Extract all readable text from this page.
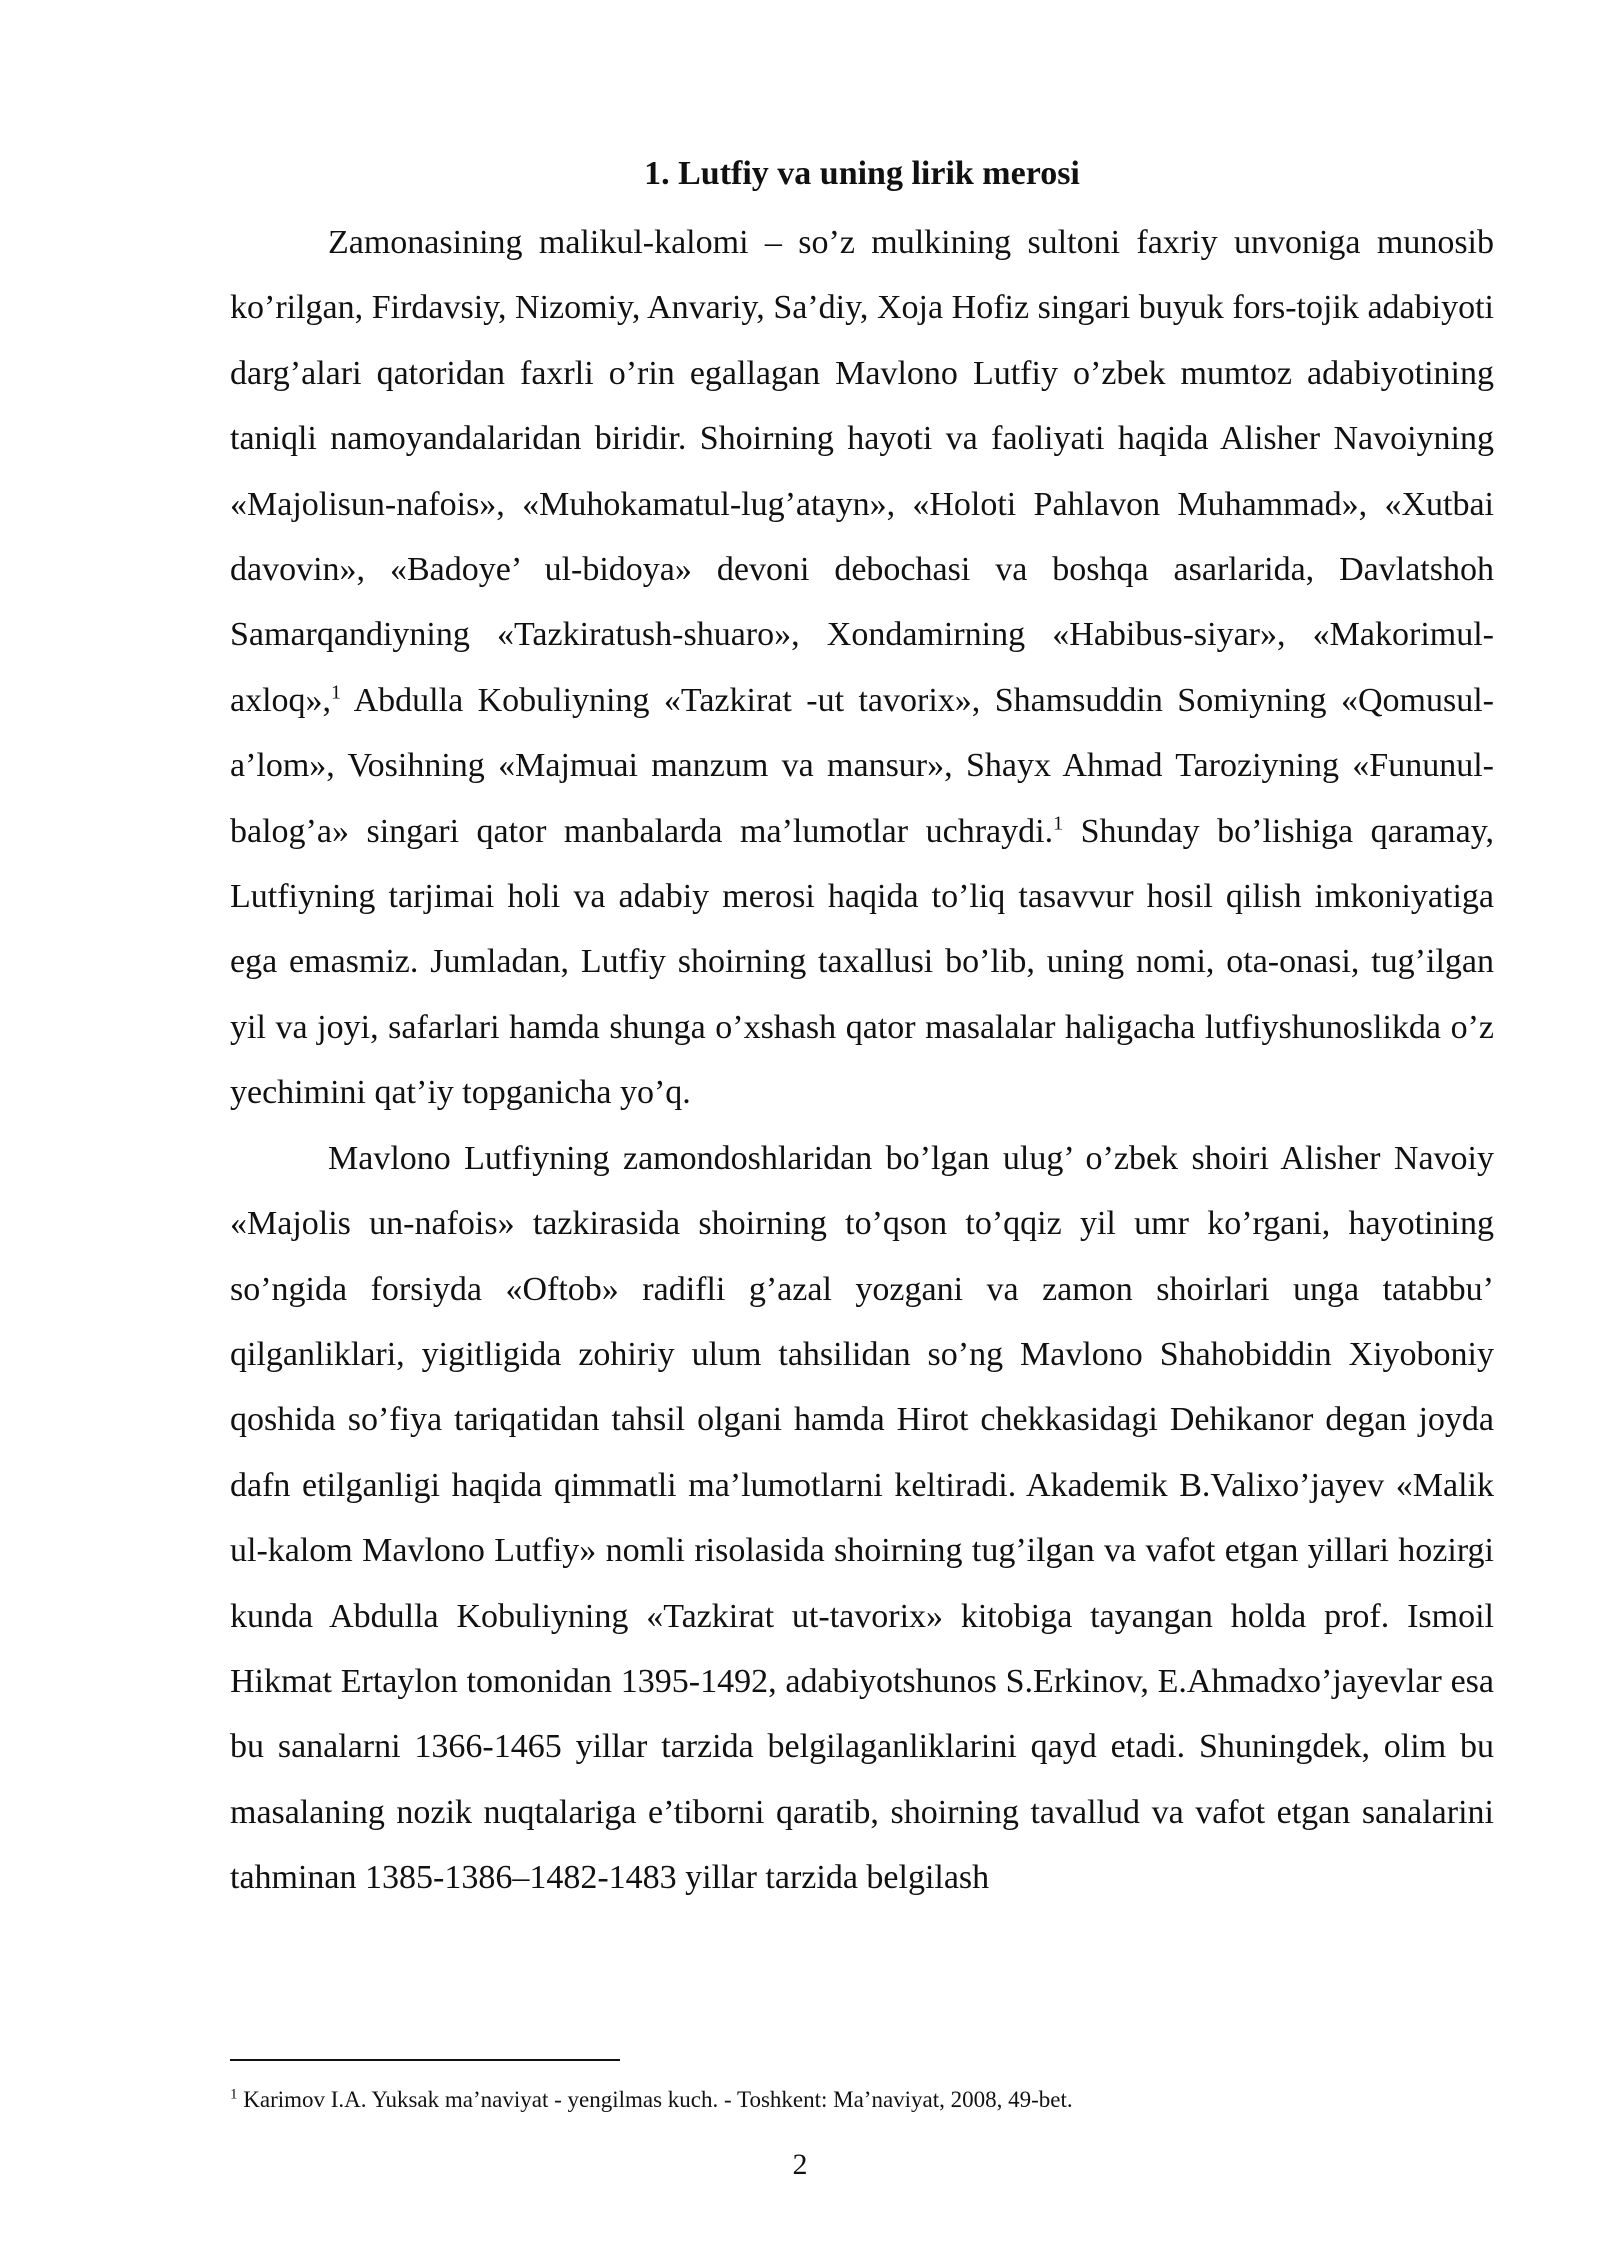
1. Lutfiy va uning lirik merosi

Zamonasining malikul-kalomi – so’z mulkining sultoni faxriy unvoniga munosib ko’rilgan, Firdavsiy, Nizomiy, Anvariy, Sa’diy, Xoja Hofiz singari buyuk fors-tojik adabiyoti darg’alari qatoridan faxrli o’rin egallagan Mavlono Lutfiy o’zbek mumtoz adabiyotining taniqli namoyandalaridan biridir. Shoirning hayoti va faoliyati haqida Alisher Navoiyning «Majolisun-nafois», «Muhokamatul-lug’atayn», «Holoti Pahlavon Muhammad», «Xutbai davovin», «Badoye’ ul-bidoya» devoni debochasi va boshqa asarlarida, Davlatshoh Samarqandiyning «Tazkiratush-shuaro», Xondamirning «Habibus-siyar», «Makorimul- axloq»,$^1$ Abdulla Kobuliyning «Tazkirat -ut tavorix», Shamsuddin Somiyning «Qomusul-a’lom», Vosihning «Majmuai manzum va mansur», Shayx Ahmad Taroziyning «Fununul- balog’a» singari qator manbalarda ma’lumotlar uchraydi.$^1$ Shunday bo’lishiga qaramay, Lutfiyning tarjimai holi va adabiy merosi haqida to’liq tasavvur hosil qilish imkoniyatiga ega emasmiz. Jumladan, Lutfiy shoirning taxallusi bo’lib, uning nomi, ota-onasi, tug’ilgan yil va joyi, safarlari hamda shunga o’xshash qator masalalar haligacha lutfiyshunoslikda o’z yechimini qat’iy topganicha yo’q.

Mavlono Lutfiyning zamondoshlaridan bo’lgan ulug’ o’zbek shoiri Alisher Navoiy «Majolis un-nafois» tazkirasida shoirning to’qson to’qqiz yil umr ko’rgani, hayotining so’ngida forsiyda «Oftob» radifli g’azal yozgani va zamon shoirlari unga tatabbu’ qilganliklari, yigitligida zohiriy ulum tahsilidan so’ng Mavlono Shahobiddin Xiyoboniy qoshida so’fiya tariqatidan tahsil olgani hamda Hirot chekkasidagi Dehikanor degan joyda dafn etilganligi haqida qimmatli ma’lumotlarni keltiradi. Akademik B.Valixo’jayev «Malik ul-kalom Mavlono Lutfiy» nomli risolasida shoirning tug’ilgan va vafot etgan yillari hozirgi kunda Abdulla Kobuliyning «Tazkirat ut-tavorix» kitobiga tayangan holda prof. Ismoil Hikmat Ertaylon tomonidan 1395-1492, adabiyotshunos S.Erkinov, E.Ahmadxo’jayevlar esa bu sanalarni 1366-1465 yillar tarzida belgilaganliklarini qayd etadi. Shuningdek, olim bu masalaning nozik nuqtalariga e’tiborni qaratib, shoirning tavallud va vafot etgan sanalarini tahminan 1385-1386–1482-1483 yillar tarzida belgilash

$^1$ Karimov I.A. Yuksak ma’naviyat - yengilmas kuch. - Toshkent: Ma’naviyat, 2008, 49-bet.

2
